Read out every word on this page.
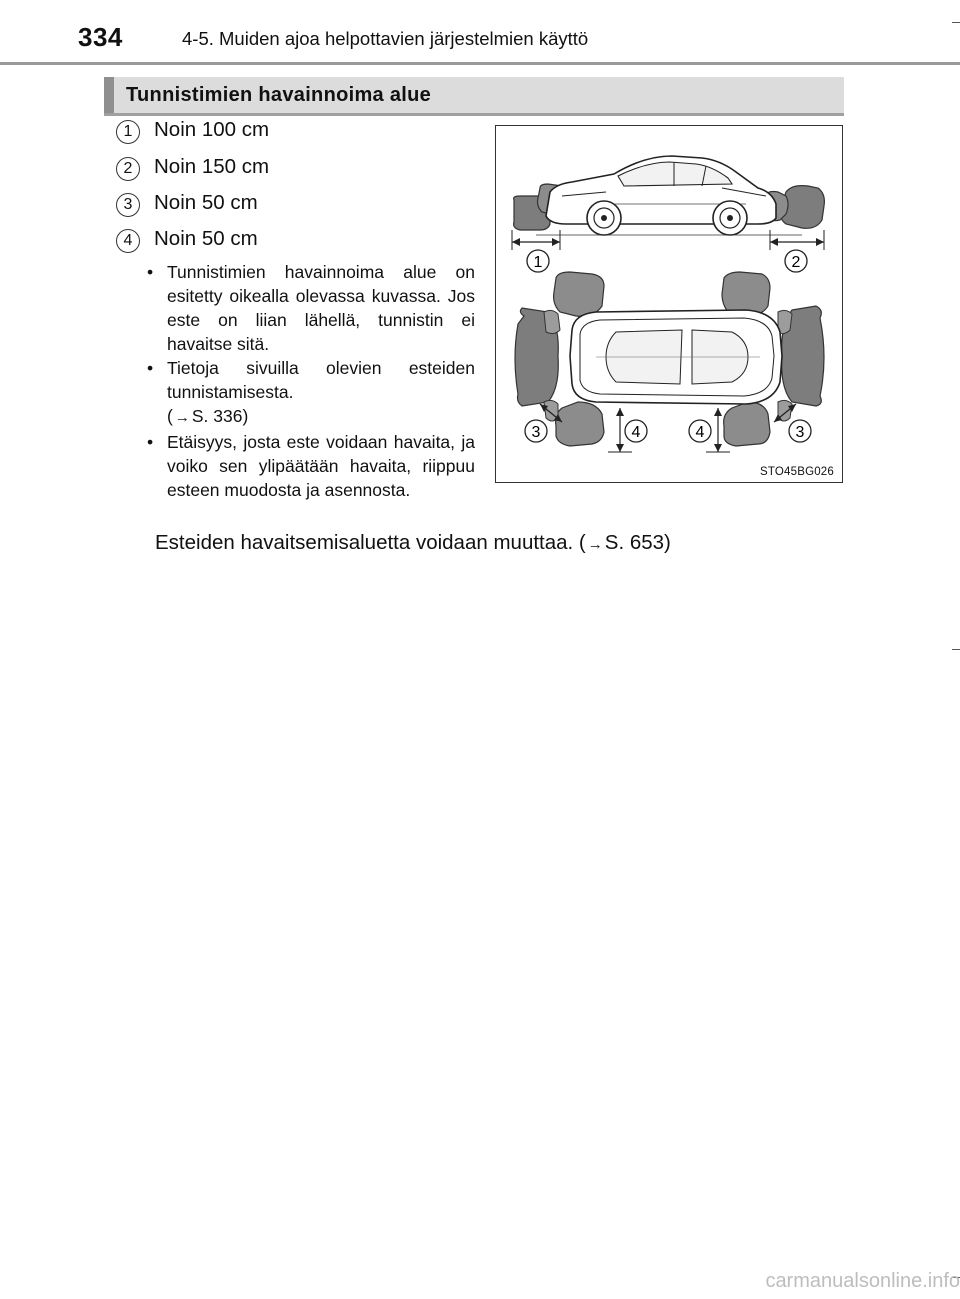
334	4-5. Muiden ajoa helpottavien järjestelmien käyttö
Tunnistimien havainnoima alue
1	Noin 100 cm
2	Noin 150 cm
3	Noin 50 cm
4	Noin 50 cm
• Tunnistimien havainnoima alue on esitetty oikealla olevassa kuvassa. Jos este on liian lähellä, tunnistin ei havaitse sitä.
• Tietoja sivuilla olevien esteiden tunnistamisesta.
( → S. 336)
• Etäisyys, josta este voidaan havaita, ja voiko sen ylipäätään havaita, riippuu esteen muodosta ja asennosta.
Esteiden havaitsemisaluetta voidaan muuttaa. ( →S. 653)
1	2
3	4	4	3
STO45BG026
carmanualsonline.info
